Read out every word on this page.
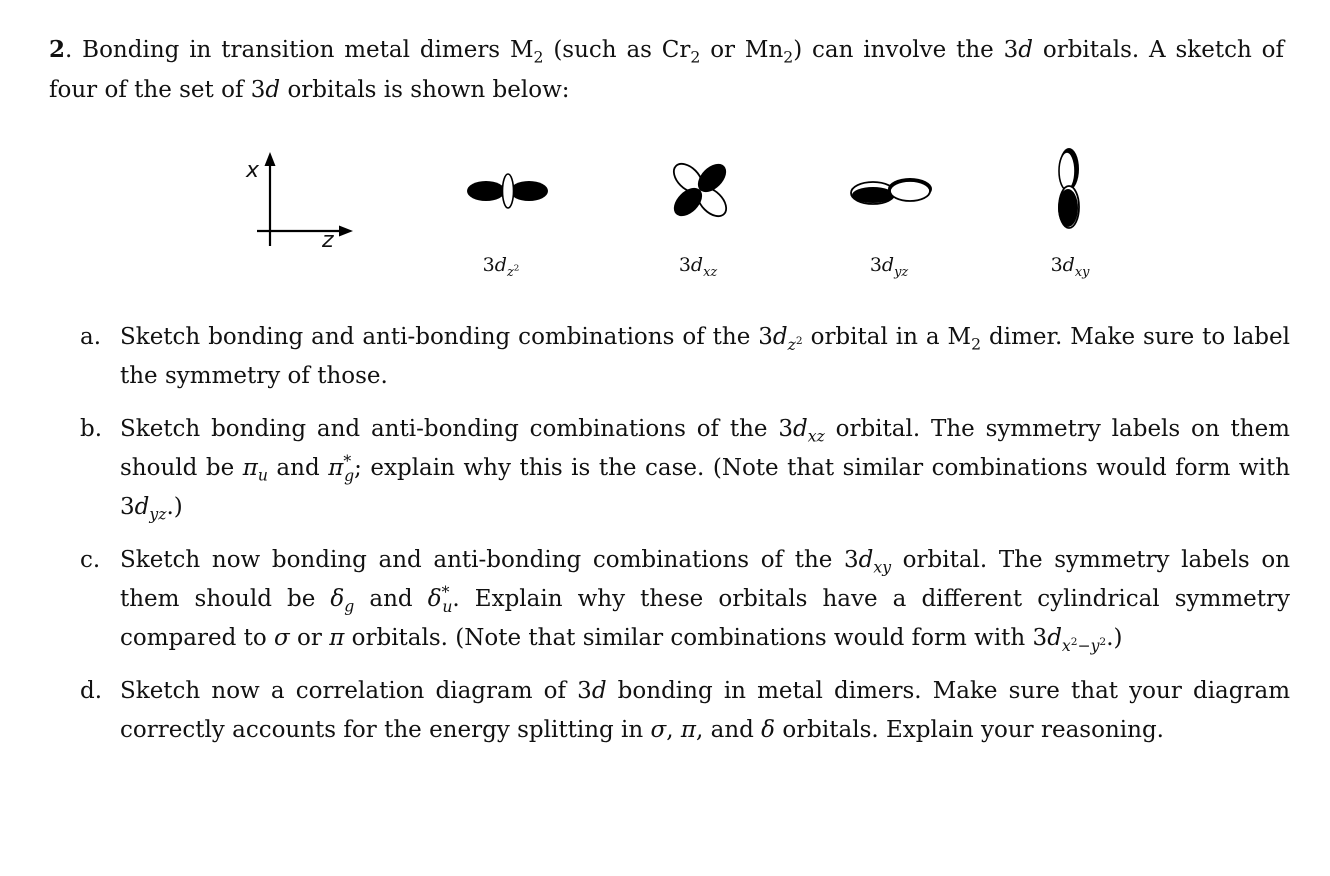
2. Bonding in transition metal dimers $M_2$ (such as $Cr_2$ or $Mn_2$) can involve the 3d orbitals. A sketch of four of the set of 3d orbitals is shown below:
x
z
$3d_{z^2}$	$3d_{xz}$	$3d_{yz}$	$3d_{xy}$
a. Sketch bonding and anti-bonding combinations of the $3d_{z^2}$ orbital in a $M_2$ dimer. Make sure to label the symmetry of those.
b. Sketch bonding and anti-bonding combinations of the $3d_{xz}$ orbital. The symmetry labels on them should be $\pi_u$ and $\pi^*_g$; explain why this is the case. (Note that similar combinations would form with $3d_{yz}$.)
c. Sketch now bonding and anti-bonding combinations of the $3d_{xy}$ orbital. The symmetry labels on them should be $\delta_g$ and $\delta^*_u$. Explain why these orbitals have a different cylindrical symmetry compared to σ or π orbitals. (Note that similar combinations would form with $3d_{x^2-y^2}$.)
d. Sketch now a correlation diagram of 3d bonding in metal dimers. Make sure that your diagram correctly accounts for the energy splitting in σ, π, and δ orbitals. Explain your reasoning.
